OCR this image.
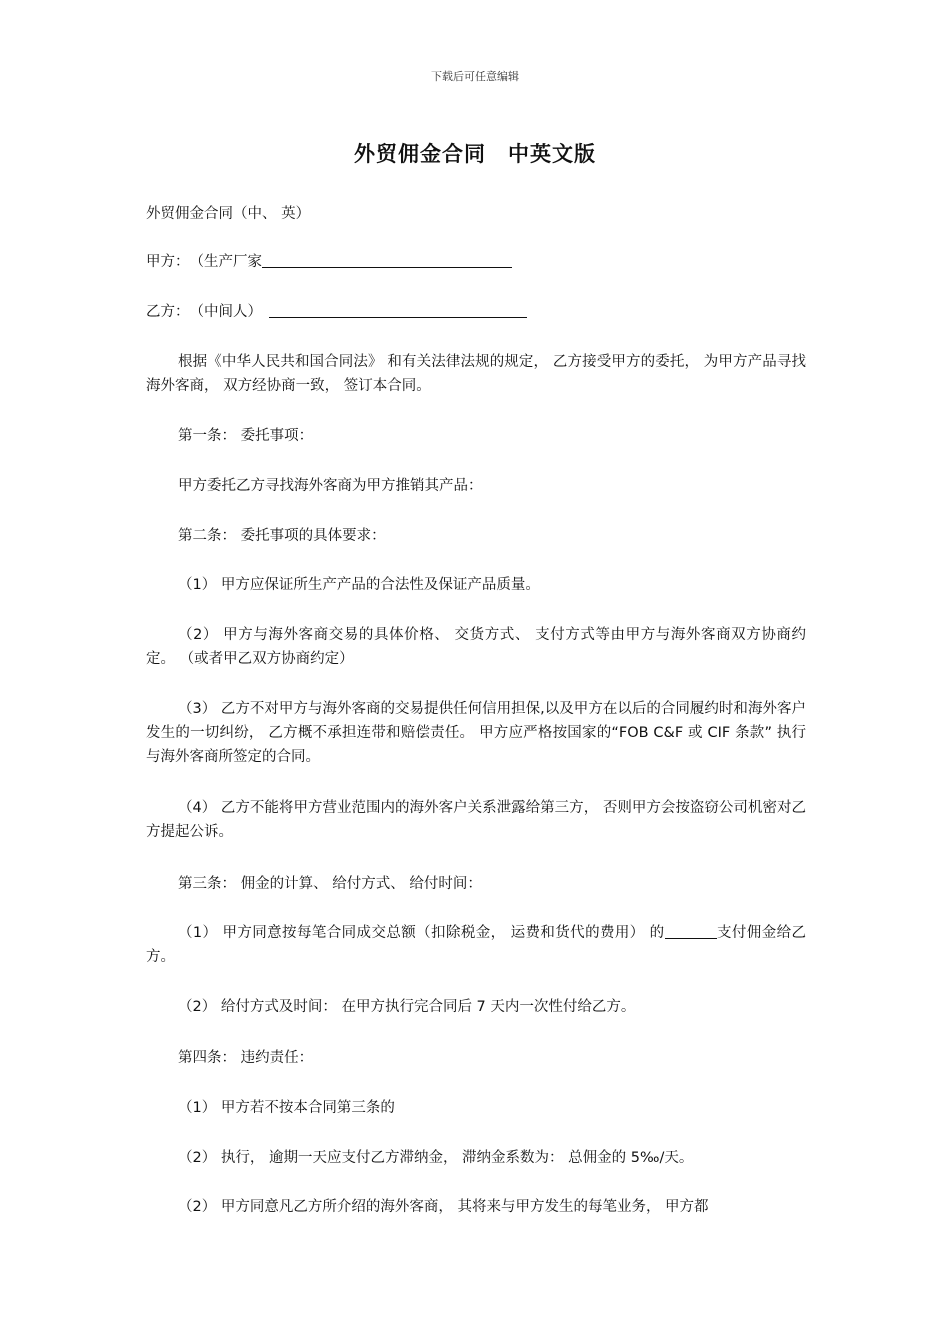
下载后可任意编辑
外贸佣金合同　中英文版

外贸佣金合同（中、 英）

甲方：　 （生产厂家

乙方：　 （中间人）　

根据《中华人民共和国合同法》 和有关法律法规的规定， 乙方接受甲方的委托， 为甲方产品寻找海外客商， 双方经协商一致， 签订本合同。

第一条： 委托事项：

甲方委托乙方寻找海外客商为甲方推销其产品：

第二条： 委托事项的具体要求：

（1） 甲方应保证所生产产品的合法性及保证产品质量。

（2） 甲方与海外客商交易的具体价格、 交货方式、 支付方式等由甲方与海外客商双方协商约定。 （或者甲乙双方协商约定）

（3） 乙方不对甲方与海外客商的交易提供任何信用担保,以及甲方在以后的合同履约时和海外客户发生的一切纠纷， 乙方概不承担连带和赔偿责任。 甲方应严格按国家的“FOB C&F 或 CIF 条款” 执行与海外客商所签定的合同。

（4） 乙方不能将甲方营业范围内的海外客户关系泄露给第三方， 否则甲方会按盗窃公司机密对乙方提起公诉。

第三条： 佣金的计算、 给付方式、 给付时间：

（1） 甲方同意按每笔合同成交总额（扣除税金， 运费和货代的费用） 的	支付佣金给乙方。

（2） 给付方式及时间： 在甲方执行完合同后 7 天内一次性付给乙方。

第四条： 违约责任：

（1） 甲方若不按本合同第三条的

（2） 执行， 逾期一天应支付乙方滞纳金， 滞纳金系数为： 总佣金的 5‰/天。

（2） 甲方同意凡乙方所介绍的海外客商， 其将来与甲方发生的每笔业务， 甲方都
